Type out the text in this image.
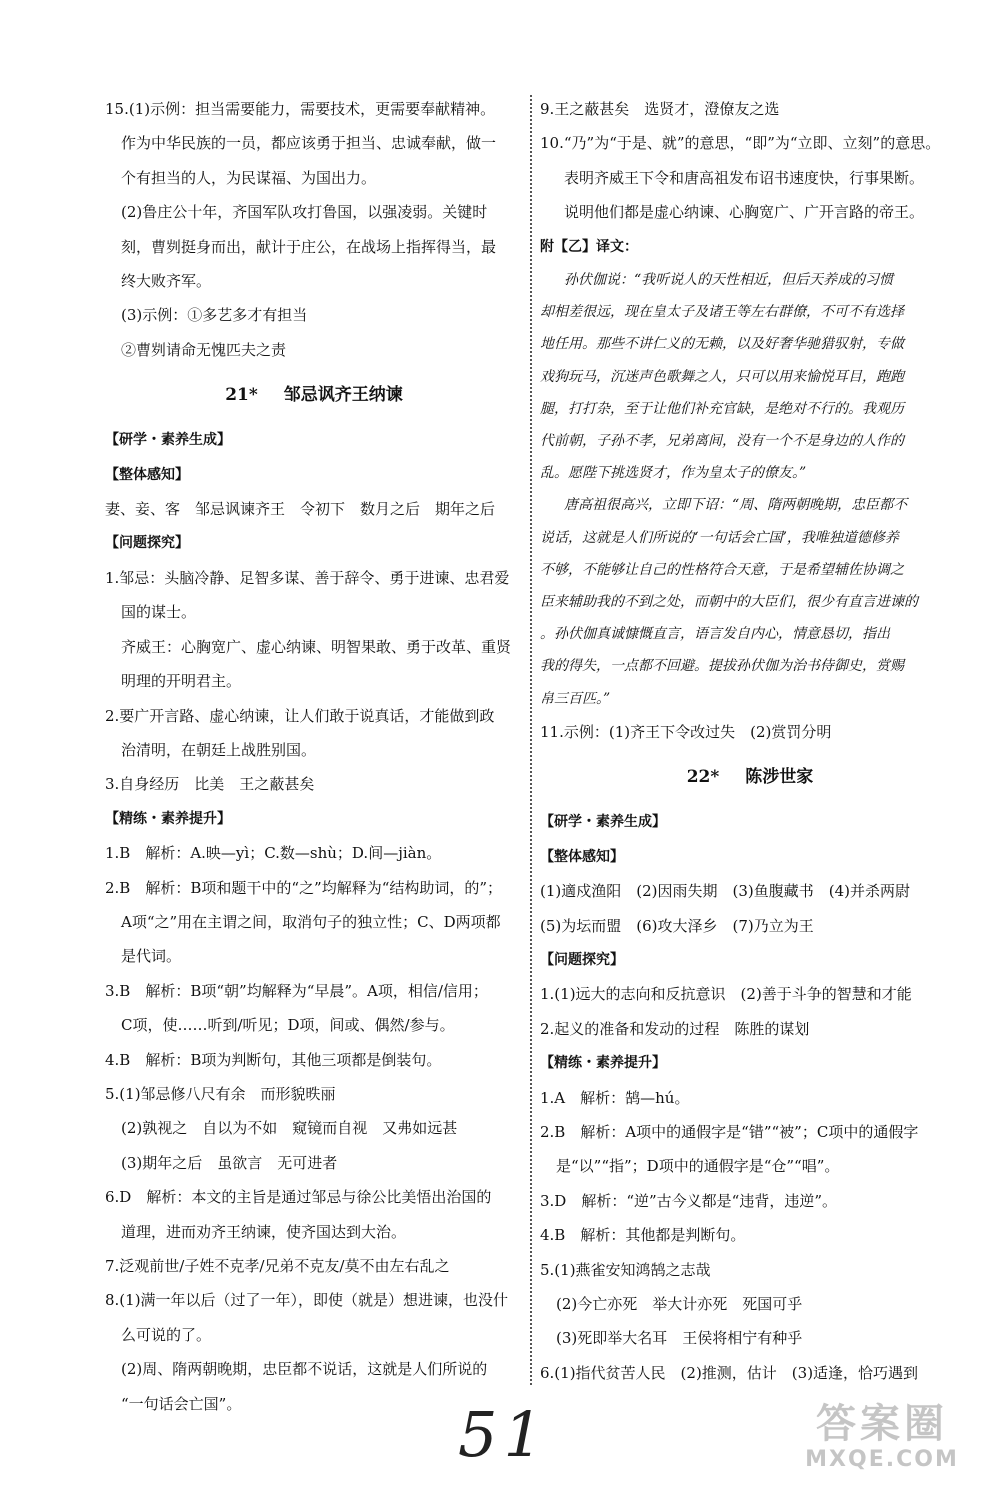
15.(1)示例：担当需要能力，需要技术，更需要奉献精神。
作为中华民族的一员，都应该勇于担当、忠诚奉献，做一
个有担当的人，为民谋福、为国出力。
(2)鲁庄公十年，齐国军队攻打鲁国，以强凌弱。关键时
刻，曹刿挺身而出，献计于庄公，在战场上指挥得当，最
终大败齐军。
(3)示例：①多艺多才有担当
②曹刿请命无愧匹夫之责
21* 邹忌讽齐王纳谏
【研学・素养生成】
【整体感知】
妻、妾、客　邹忌讽谏齐王　令初下　数月之后　期年之后
【问题探究】
1.邹忌：头脑冷静、足智多谋、善于辞令、勇于进谏、忠君爱
国的谋士。
齐威王：心胸宽广、虚心纳谏、明智果敢、勇于改革、重贤
明理的开明君主。
2.要广开言路、虚心纳谏，让人们敢于说真话，才能做到政
治清明，在朝廷上战胜别国。
3.自身经历　比美　王之蔽甚矣
【精练・素养提升】
1.B　解析：A.映—yì；C.数—shù；D.间—jiàn。
2.B　解析：B项和题干中的“之”均解释为“结构助词，的”；
A项“之”用在主谓之间，取消句子的独立性；C、D两项都
是代词。
3.B　解析：B项“朝”均解释为“早晨”。A项，相信/信用；
C项，使……听到/听见；D项，间或、偶然/参与。
4.B　解析：B项为判断句，其他三项都是倒装句。
5.(1)邹忌修八尺有余　而形貌昳丽
(2)孰视之　自以为不如　窥镜而自视　又弗如远甚
(3)期年之后　虽欲言　无可进者
6.D　解析：本文的主旨是通过邹忌与徐公比美悟出治国的
道理，进而劝齐王纳谏，使齐国达到大治。
7.泛观前世/子姓不克孝/兄弟不克友/莫不由左右乱之
8.(1)满一年以后（过了一年），即使（就是）想进谏，也没什
么可说的了。
(2)周、隋两朝晚期，忠臣都不说话，这就是人们所说的
“一句话会亡国”。
9.王之蔽甚矣　选贤才，澄僚友之选
10.“乃”为“于是、就”的意思，“即”为“立即、立刻”的意思。
表明齐威王下令和唐高祖发布诏书速度快，行事果断。
说明他们都是虚心纳谏、心胸宽广、广开言路的帝王。
附【乙】译文：
孙伏伽说：“我听说人的天性相近，但后天养成的习惯
却相差很远，现在皇太子及诸王等左右群僚，不可不有选择
地任用。那些不讲仁义的无赖，以及好奢华驰猎驭射，专做
戏狗玩马，沉迷声色歌舞之人，只可以用来愉悦耳目，跑跑
腿，打打杂，至于让他们补充官缺，是绝对不行的。我观历
代前朝，子孙不孝，兄弟离间，没有一个不是身边的人作的
乱。愿陛下挑选贤才，作为皇太子的僚友。”
唐高祖很高兴，立即下诏：“周、隋两朝晚期，忠臣都不
说话，这就是人们所说的‘一句话会亡国’，我唯独道德修养
不够，不能够让自己的性格符合天意，于是希望辅佐协调之
臣来辅助我的不到之处，而朝中的大臣们，很少有直言进谏的
。孙伏伽真诚慷慨直言，语言发自内心，情意恳切，指出
我的得失，一点都不回避。提拔孙伏伽为治书侍御史，赏赐
帛三百匹。”
11.示例：(1)齐王下令改过失　(2)赏罚分明
22* 陈涉世家
【研学・素养生成】
【整体感知】
(1)適戍渔阳　(2)因雨失期　(3)鱼腹藏书　(4)并杀两尉
(5)为坛而盟　(6)攻大泽乡　(7)乃立为王
【问题探究】
1.(1)远大的志向和反抗意识　(2)善于斗争的智慧和才能
2.起义的准备和发动的过程　陈胜的谋划
【精练・素养提升】
1.A　解析：鹄—hú。
2.B　解析：A项中的通假字是“错”“被”；C项中的通假字
是“以”“指”；D项中的通假字是“仓”“唱”。
3.D　解析：“逆”古今义都是“违背，违逆”。
4.B　解析：其他都是判断句。
5.(1)燕雀安知鸿鹄之志哉
(2)今亡亦死　举大计亦死　死国可乎
(3)死即举大名耳　王侯将相宁有种乎
6.(1)指代贫苦人民　(2)推测，估计　(3)适逢，恰巧遇到
51	答案圈
MXQE.COM
